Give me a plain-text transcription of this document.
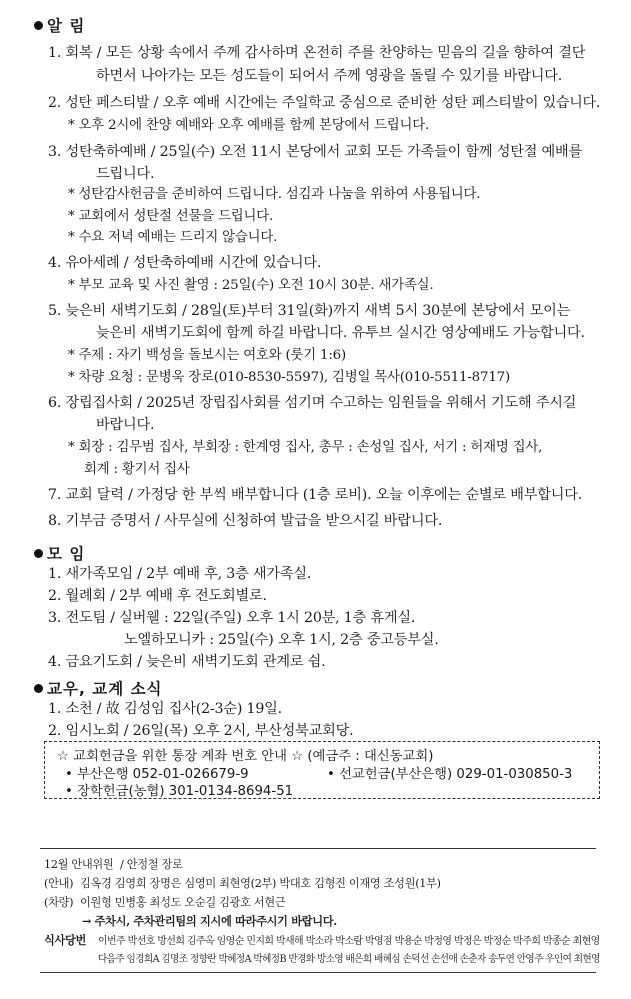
알 림
1. 회복 / 모든 상황 속에서 주께 감사하며 온전히 주를 찬양하는 믿음의 길을 향하여 결단
하면서 나아가는 모든 성도들이 되어서 주께 영광을 돌릴 수 있기를 바랍니다.
2. 성탄 페스티발 / 오후 예배 시간에는 주일학교 중심으로 준비한 성탄 페스티발이 있습니다.
* 오후 2시에 찬양 예배와 오후 예배를 함께 본당에서 드립니다.
3. 성탄축하예배 / 25일(수) 오전 11시 본당에서 교회 모든 가족들이 함께 성탄절 예배를
드립니다.
* 성탄감사헌금을 준비하여 드립니다. 섬김과 나눔을 위하여 사용됩니다.
* 교회에서 성탄절 선물을 드립니다.
* 수요 저녁 예배는 드리지 않습니다.
4. 유아세례 / 성탄축하예배 시간에 있습니다.
* 부모 교육 및 사진 촬영 : 25일(수) 오전 10시 30분. 새가족실.
5. 늦은비 새벽기도회 / 28일(토)부터 31일(화)까지 새벽 5시 30분에 본당에서 모이는
늦은비 새벽기도회에 함께 하길 바랍니다. 유투브 실시간 영상예배도 가능합니다.
* 주제 : 자기 백성을 돌보시는 여호와 (룻기 1:6)
* 차량 요청 : 문병욱 장로(010-8530-5597), 김병일 목사(010-5511-8717)
6. 장립집사회 / 2025년 장립집사회를 섬기며 수고하는 임원들을 위해서 기도해 주시길
바랍니다.
* 회장 : 김무범 집사, 부회장 : 한계영 집사, 총무 : 손성일 집사, 서기 : 허재명 집사,
회계 : 황기서 집사
7. 교회 달력 / 가정당 한 부씩 배부합니다 (1층 로비). 오늘 이후에는 순별로 배부합니다.
8. 기부금 증명서 / 사무실에 신청하여 발급을 받으시길 바랍니다.
모 임
1. 새가족모임 / 2부 예배 후, 3층 새가족실.
2. 월례회 / 2부 예배 후 전도회별로.
3. 전도팀 / 실버웰 : 22일(주일) 오후 1시 20분, 1층 휴게실.
노엘하모니카 : 25일(수) 오후 1시, 2층 중고등부실.
4. 금요기도회 / 늦은비 새벽기도회 관계로 쉼.
교우, 교계 소식
1. 소천 / 故 김성임 집사(2-3순) 19일.
2. 임시노회 / 26일(목) 오후 2시, 부산성북교회당.
☆ 교회헌금을 위한 통장 계좌 번호 안내 ☆ (예금주 : 대신동교회)
• 부산은행 052-01-026679-9	• 선교헌금(부산은행) 029-01-030850-3
• 장학헌금(농협) 301-0134-8694-51
12월 안내위원 / 안정철 장로
(안내) 김옥경 김영희 장명은 심영미 최현영(2부) 박대호 김형진 이재영 조성원(1부)
(차량) 이원형 민병홍 최성도 오순길 김광호 서현근
→ 주차시, 주차관리팀의 지시에 따라주시기 바랍니다.
식사당번 이번주 박선호 방선희 김주옥 임영순 민지희 박새해 박소라 박소람 박영점 박용순 박정영 박정은 박정순 박주희 박종순 최현영
다음주 임경희A 김명조 정향란 박혜정A 박혜정B 반경화 방소영 배은희 배혜심 손덕선 손선애 손춘자 송두연 안영주 우인여 최현영
